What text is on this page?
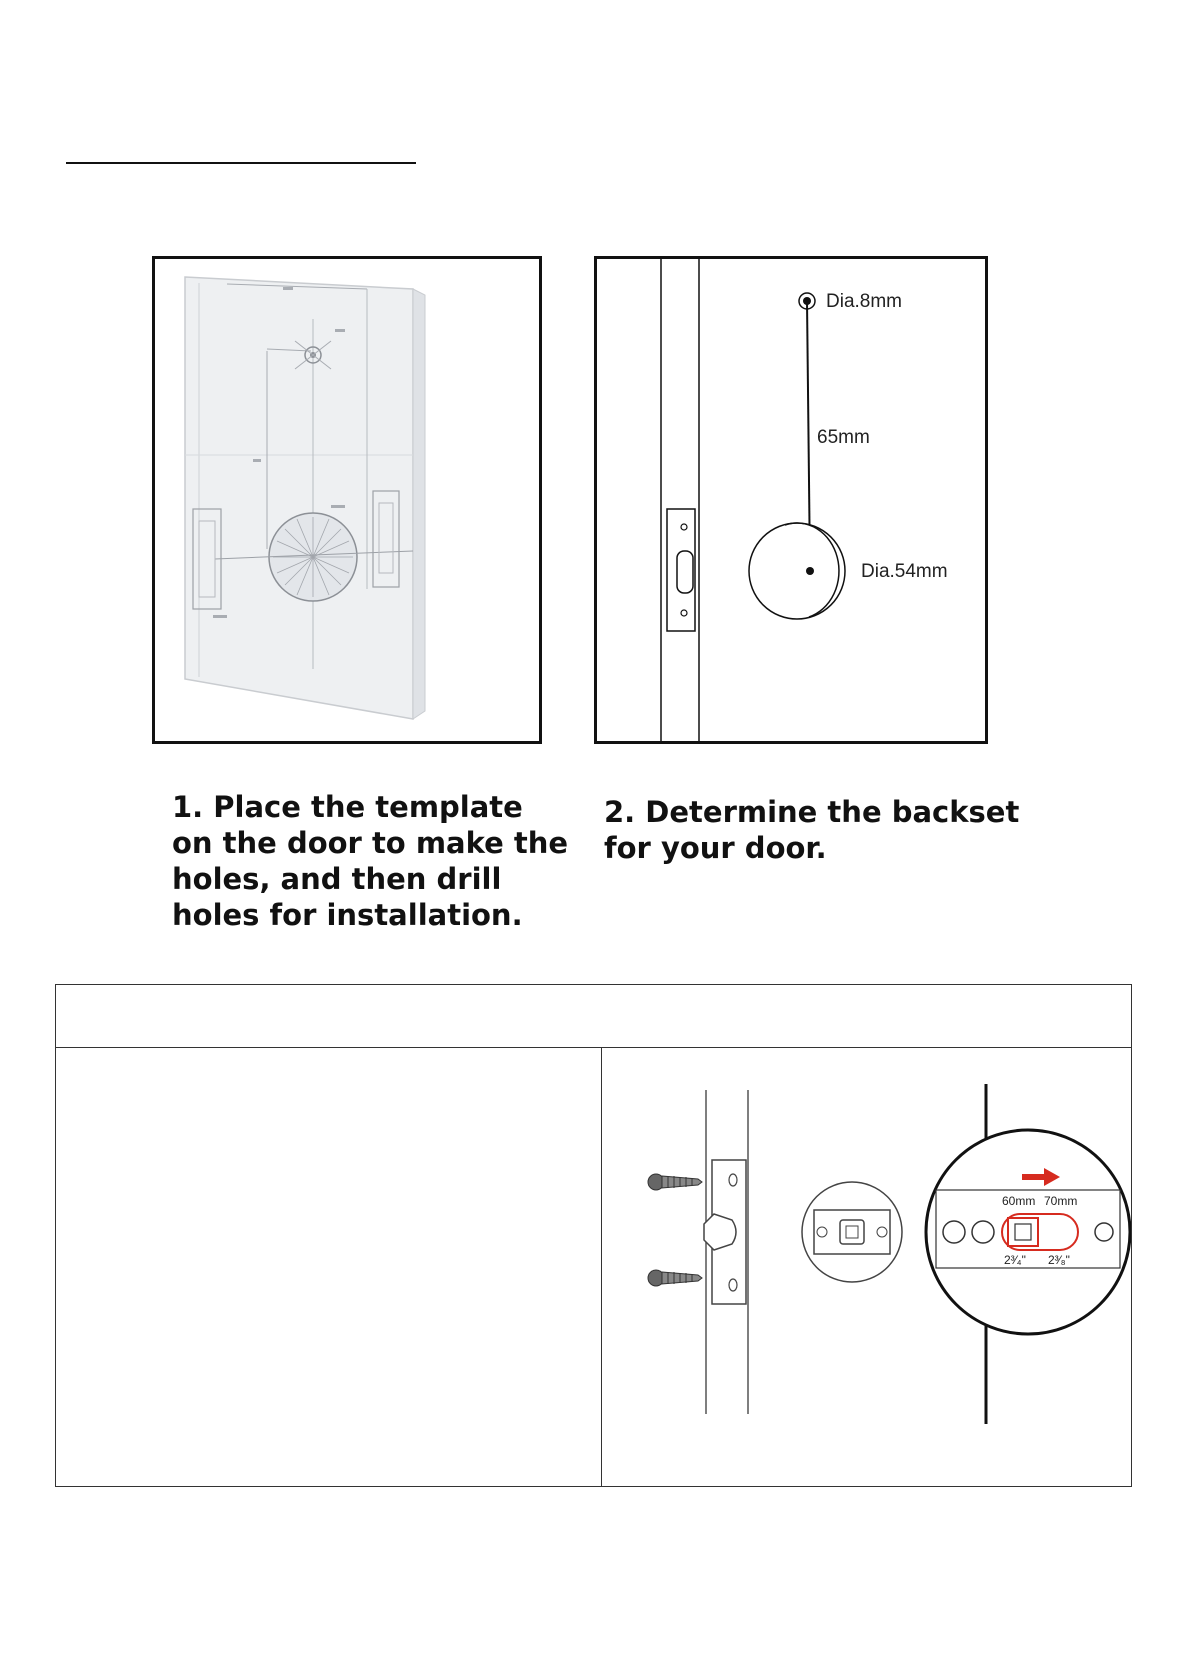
Dia.8mm
65mm
Dia.54mm

1. Place the template on the door to make the holes, and then drill holes for installation.

2. Determine the backset for your door.

60mm 70mm
2³⁄₄" 2³⁄₈"
